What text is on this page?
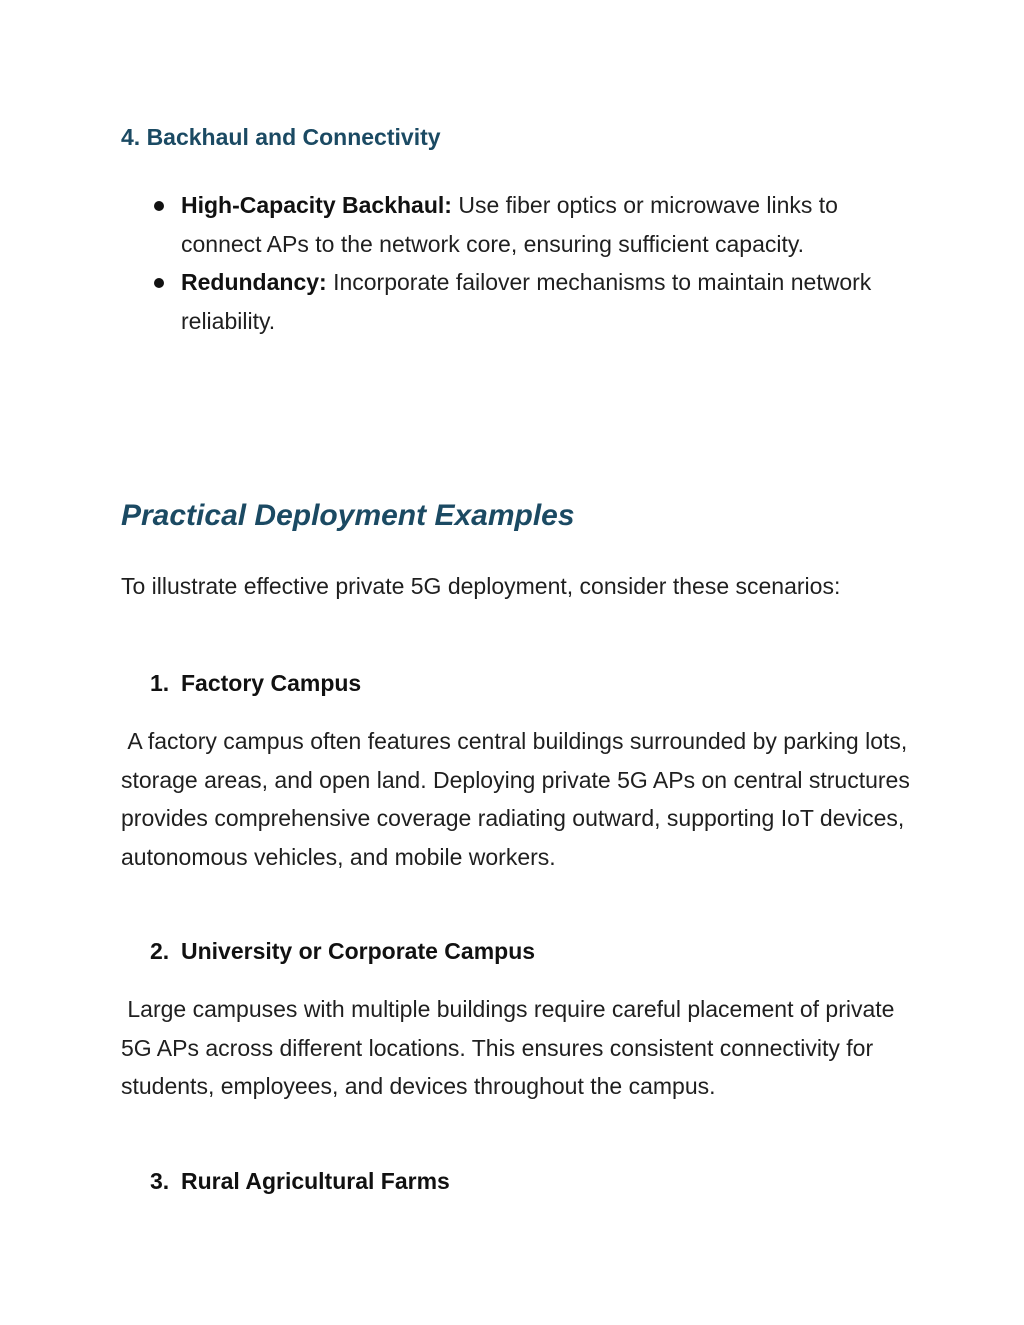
4. Backhaul and Connectivity
High-Capacity Backhaul: Use fiber optics or microwave links to connect APs to the network core, ensuring sufficient capacity.
Redundancy: Incorporate failover mechanisms to maintain network reliability.
Practical Deployment Examples

To illustrate effective private 5G deployment, consider these scenarios:

1. Factory Campus

A factory campus often features central buildings surrounded by parking lots, storage areas, and open land. Deploying private 5G APs on central structures provides comprehensive coverage radiating outward, supporting IoT devices, autonomous vehicles, and mobile workers.

2. University or Corporate Campus

Large campuses with multiple buildings require careful placement of private 5G APs across different locations. This ensures consistent connectivity for students, employees, and devices throughout the campus.

3. Rural Agricultural Farms
